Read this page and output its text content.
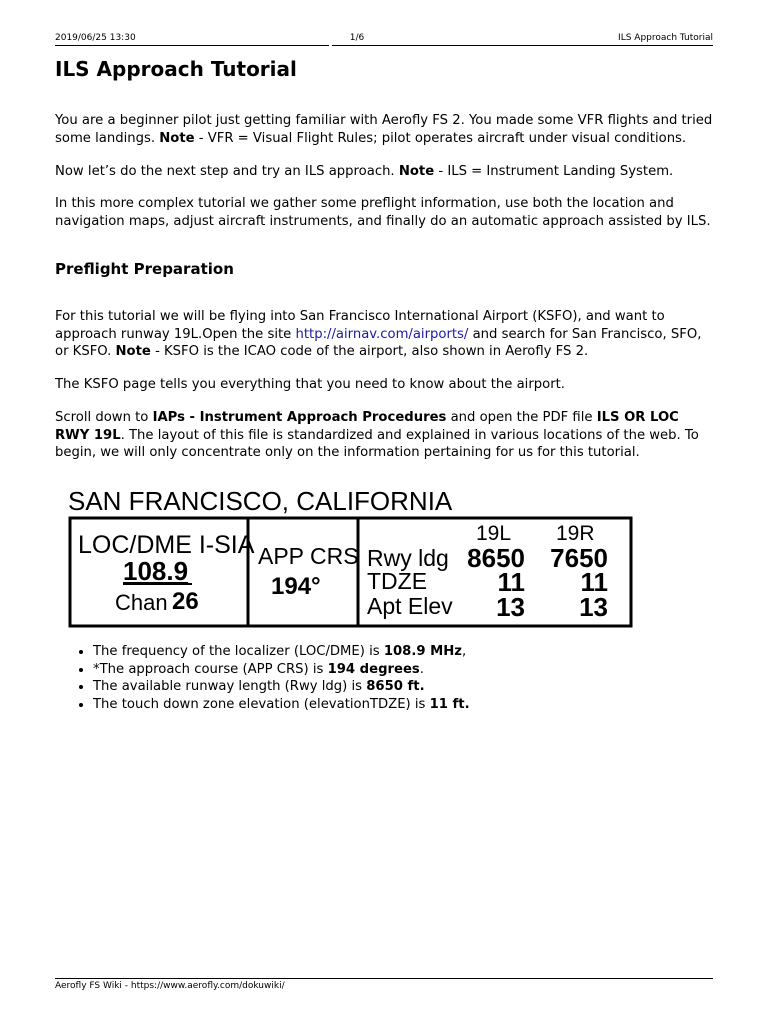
2019/06/25 13:30	1/6	ILS Approach Tutorial
ILS Approach Tutorial

You are a beginner pilot just getting familiar with Aerofly FS 2. You made some VFR flights and tried some landings. Note - VFR = Visual Flight Rules; pilot operates aircraft under visual conditions.

Now let’s do the next step and try an ILS approach. Note - ILS = Instrument Landing System.

In this more complex tutorial we gather some preflight information, use both the location and navigation maps, adjust aircraft instruments, and finally do an automatic approach assisted by ILS.

Preflight Preparation

For this tutorial we will be flying into San Francisco International Airport (KSFO), and want to approach runway 19L.Open the site http://airnav.com/airports/ and search for San Francisco, SFO, or KSFO. Note - KSFO is the ICAO code of the airport, also shown in Aerofly FS 2.

The KSFO page tells you everything that you need to know about the airport.

Scroll down to IAPs - Instrument Approach Procedures and open the PDF file ILS OR LOC RWY 19L. The layout of this file is standardized and explained in various locations of the web. To begin, we will only concentrate only on the information pertaining for us for this tutorial.

SAN FRANCISCO, CALIFORNIA
LOC/DME I-SIA
108.9
Chan 26
APP CRS
194°
19L 19R
Rwy ldg
TDZE
Apt Elev
8650 7650
11 11
13 13
• The frequency of the localizer (LOC/DME) is 108.9 MHz,
• *The approach course (APP CRS) is 194 degrees.
• The available runway length (Rwy ldg) is 8650 ft.
• The touch down zone elevation (elevationTDZE) is 11 ft.
Aerofly FS Wiki - https://www.aerofly.com/dokuwiki/
